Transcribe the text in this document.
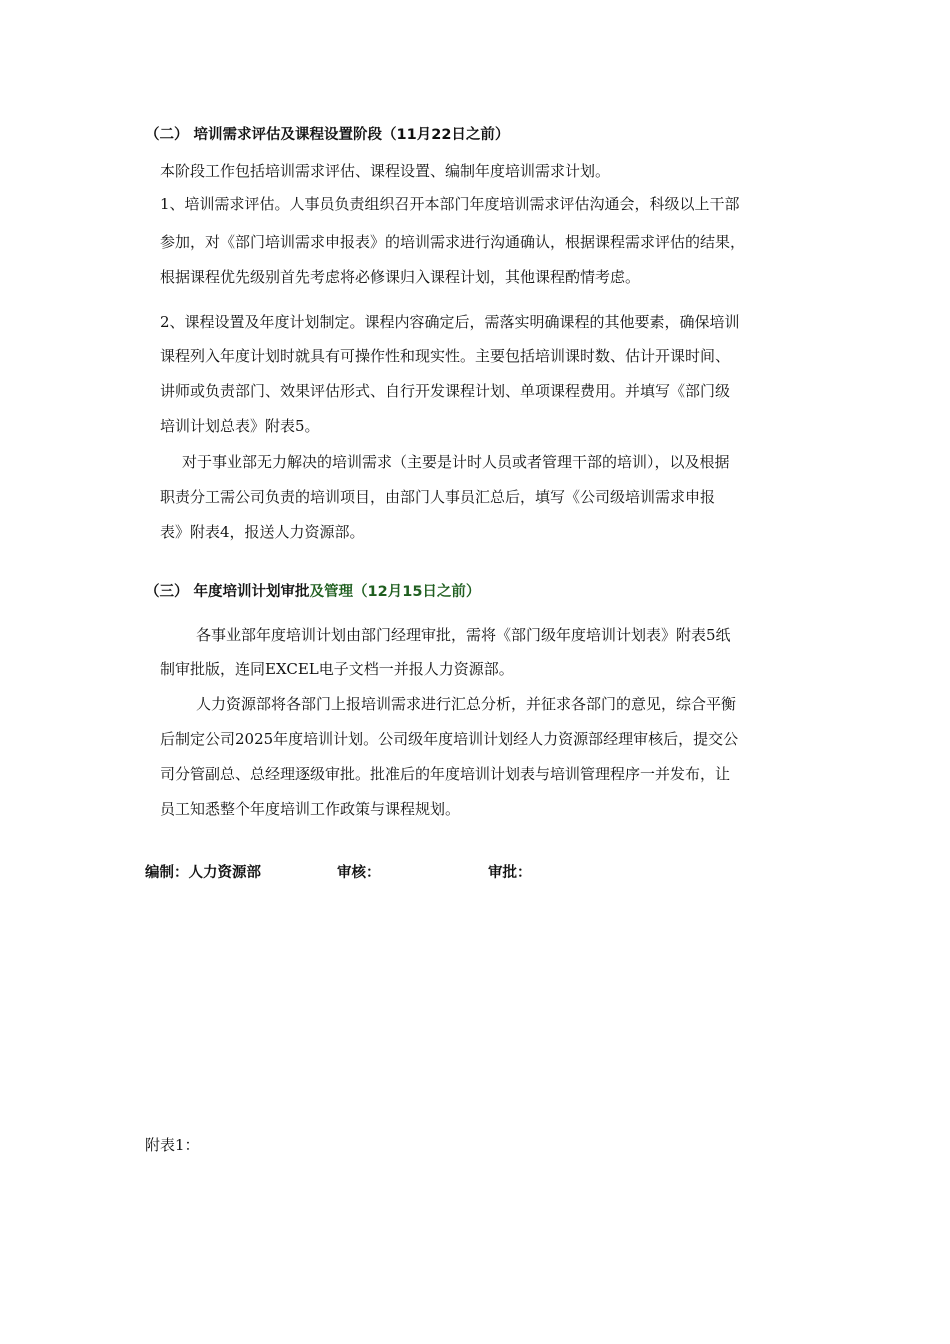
（二） 培训需求评估及课程设置阶段（11月22日之前）
本阶段工作包括培训需求评估、课程设置、编制年度培训需求计划。
1、培训需求评估。人事员负责组织召开本部门年度培训需求评估沟通会，科级以上干部
参加，对《部门培训需求申报表》的培训需求进行沟通确认，根据课程需求评估的结果，
根据课程优先级别首先考虑将必修课归入课程计划，其他课程酌情考虑。
2、课程设置及年度计划制定。课程内容确定后，需落实明确课程的其他要素，确保培训
课程列入年度计划时就具有可操作性和现实性。主要包括培训课时数、估计开课时间、
讲师或负责部门、效果评估形式、自行开发课程计划、单项课程费用。并填写《部门级
培训计划总表》附表5。
对于事业部无力解决的培训需求（主要是计时人员或者管理干部的培训），以及根据
职责分工需公司负责的培训项目，由部门人事员汇总后，填写《公司级培训需求申报
表》附表4，报送人力资源部。
（三） 年度培训计划审批及管理（12月15日之前）
各事业部年度培训计划由部门经理审批，需将《部门级年度培训计划表》附表5纸
制审批版，连同EXCEL电子文档一并报人力资源部。
人力资源部将各部门上报培训需求进行汇总分析，并征求各部门的意见，综合平衡
后制定公司2025年度培训计划。公司级年度培训计划经人力资源部经理审核后，提交公
司分管副总、总经理逐级审批。批准后的年度培训计划表与培训管理程序一并发布，让
员工知悉整个年度培训工作政策与课程规划。
编制：人力资源部	审核：	审批：
附表1：
